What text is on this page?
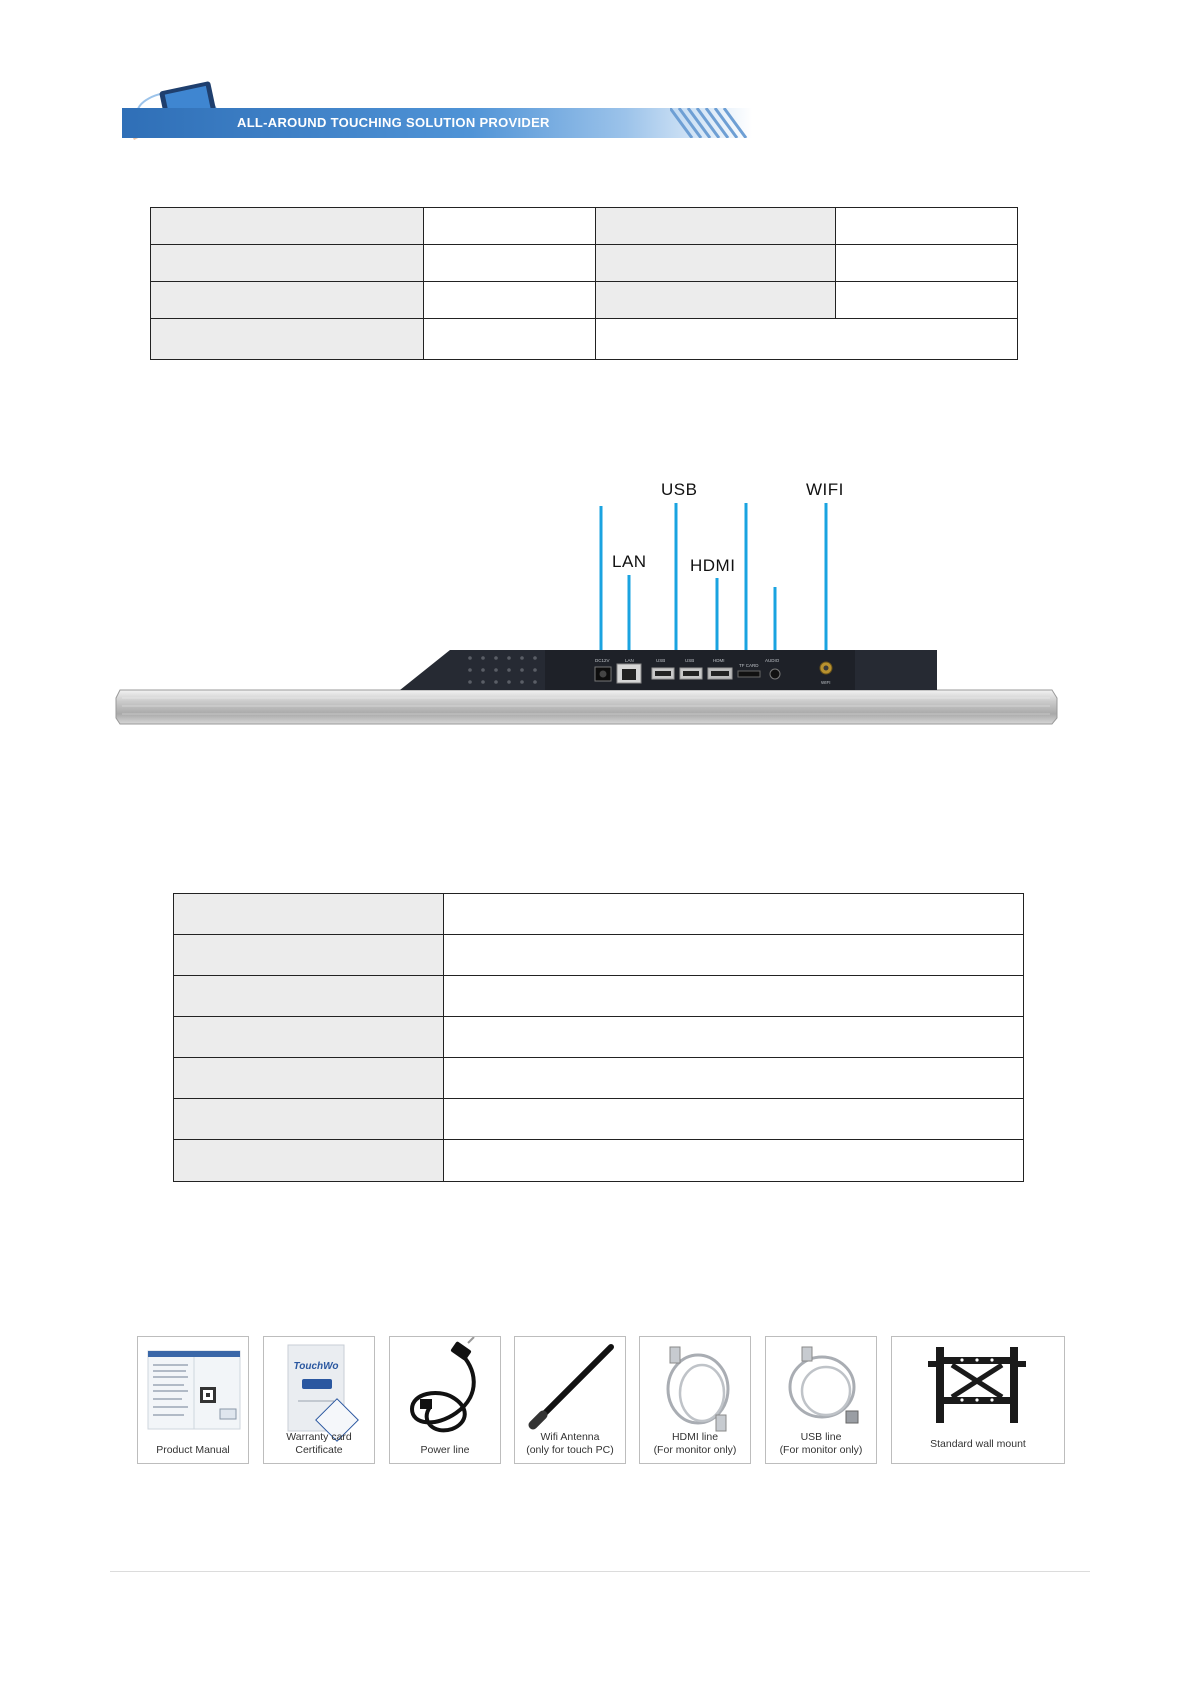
ALL-AROUND TOUCHING SOLUTION PROVIDER

DC12V	LAN	USB	USB	HDMI
TF CARD
AUDIO
WIFI
USB	WIFI
LAN	HDMI

Product Manual
TouchWo
Warranty card
Certificate	Power line
Wifi Antenna
(only for touch PC)
HDMI line
(For monitor only)
USB line
(For monitor only)	Standard wall mount
